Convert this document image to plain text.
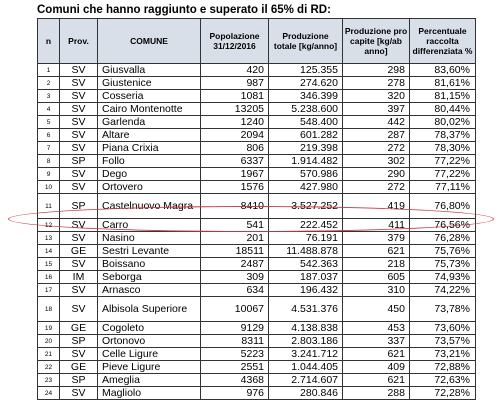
Comuni che hanno raggiunto e superato il 65% di RD:
n	Prov.	COMUNE	Popolazione 31/12/2016	Produzione totale [kg/anno]	Produzione pro capite [kg/ab anno]	Percentuale raccolta differenziata %
1	SV	Giusvalla	420	125.355	298	83,60%
2	SV	Giustenice	987	274.620	278	81,61%
3	SV	Cosseria	1081	346.399	320	81,15%
4	SV	Cairo Montenotte	13205	5.238.600	397	80,44%
5	SV	Garlenda	1240	548.400	442	80,02%
6	SV	Altare	2094	601.282	287	78,37%
7	SV	Piana Crixia	806	219.398	272	78,30%
8	SP	Follo	6337	1.914.482	302	77,22%
9	SV	Dego	1967	570.986	290	77,22%
10	SV	Ortovero	1576	427.980	272	77,11%
11	SP	Castelnuovo Magra	8410	3.527.252	419	76,80%
12	SV	Carro	541	222.452	411	76,56%
13	SV	Nasino	201	76.191	379	76,28%
14	GE	Sestri Levante	18511	11.488.878	621	75,76%
15	SV	Boissano	2487	542.363	218	75,73%
16	IM	Seborga	309	187.037	605	74,93%
17	SV	Arnasco	634	196.432	310	74,22%
18	SV	Albisola Superiore	10067	4.531.376	450	73,78%
19	GE	Cogoleto	9129	4.138.838	453	73,60%
20	SP	Ortonovo	8311	2.803.186	337	73,57%
21	SV	Celle Ligure	5223	3.241.712	621	73,21%
22	GE	Pieve Ligure	2551	1.044.405	409	72,88%
23	SP	Ameglia	4368	2.714.607	621	72,63%
24	SV	Magliolo	976	280.846	288	72,28%
